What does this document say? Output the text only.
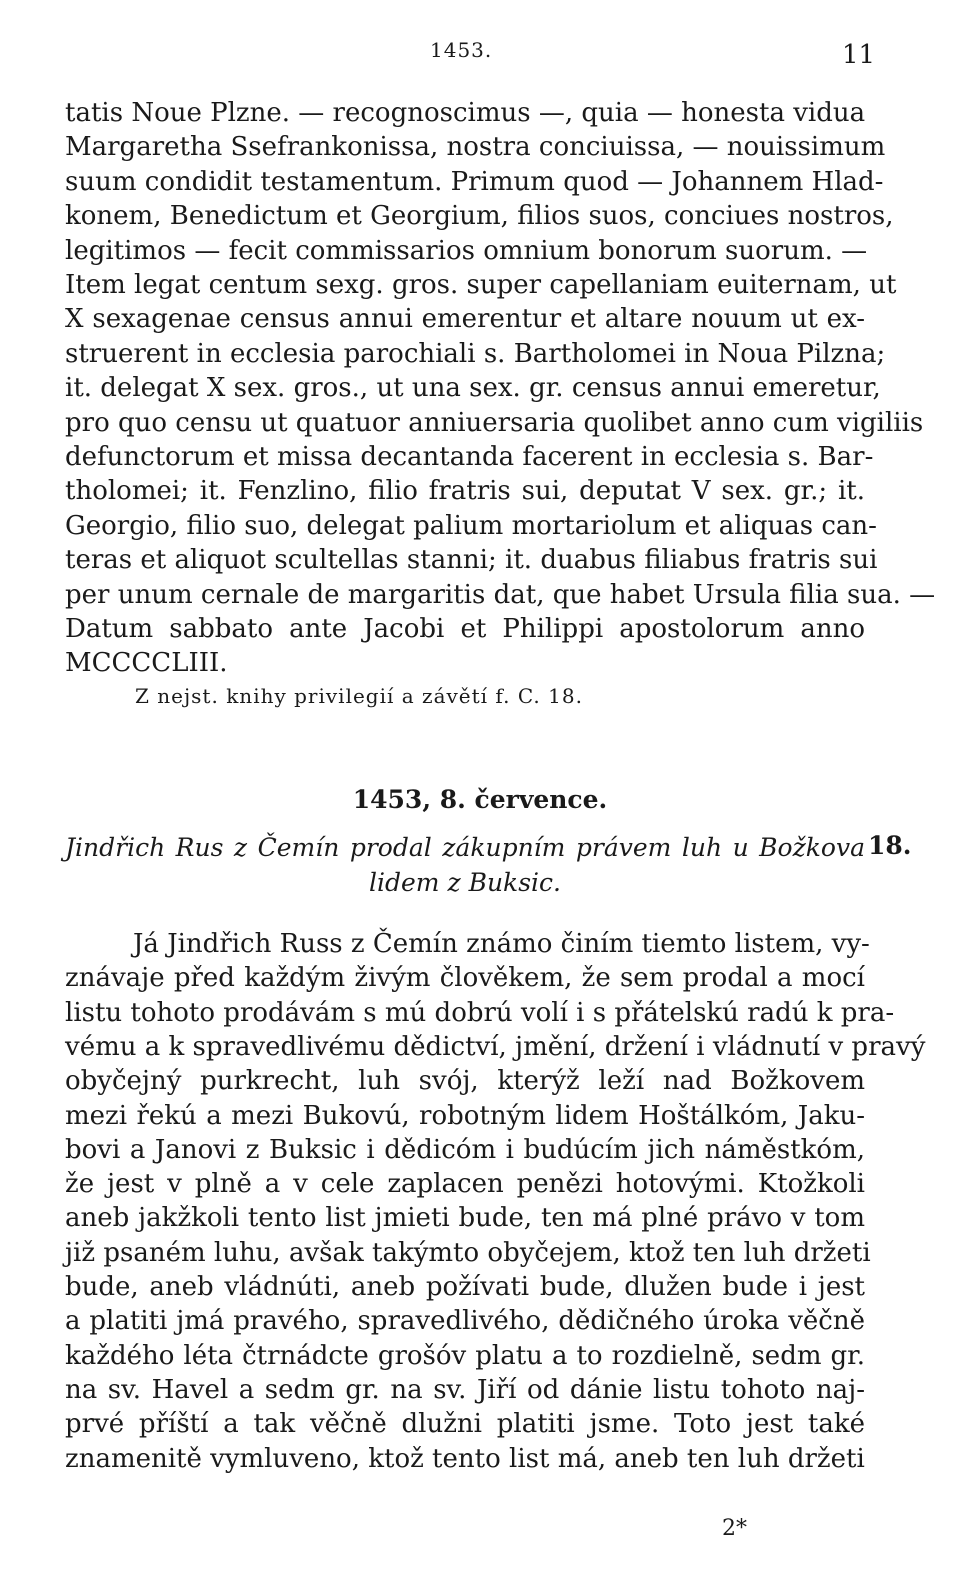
1453.	11
tatis Noue Plzne. — recognoscimus —, quia — honesta vidua
Margaretha Ssefrankonissa, nostra conciuissa, — nouissimum
suum condidit testamentum. Primum quod — Johannem Hlad-
konem, Benedictum et Georgium, filios suos, conciues nostros,
legitimos — fecit commissarios omnium bonorum suorum. —
Item legat centum sexg. gros. super capellaniam euiternam, ut
X sexagenae census annui emerentur et altare nouum ut ex-
struerent in ecclesia parochiali s. Bartholomei in Noua Pilzna;
it. delegat X sex. gros., ut una sex. gr. census annui emeretur,
pro quo censu ut quatuor anniuersaria quolibet anno cum vigiliis
defunctorum et missa decantanda facerent in ecclesia s. Bar-
tholomei; it. Fenzlino, filio fratris sui, deputat V sex. gr.; it.
Georgio, filio suo, delegat palium mortariolum et aliquas can-
teras et aliquot scultellas stanni; it. duabus filiabus fratris sui
per unum cernale de margaritis dat, que habet Ursula filia sua. —
Datum sabbato ante Jacobi et Philippi apostolorum anno
MCCCCLIII.
Z nejst. knihy privilegií a závětí f. C. 18.
1453, 8. července.
Jindřich Rus z Čemín prodal zákupním právem luh u Božkova
lidem z Buksic.
18.
Já Jindřich Russ z Čemín známo činím tiemto listem, vy-
znávaje před každým živým člověkem, že sem prodal a mocí
listu tohoto prodávám s mú dobrú volí i s přátelskú radú k pra-
vému a k spravedlivému dědictví, jmění, držení i vládnutí v pravý
obyčejný purkrecht, luh svój, kterýž leží nad Božkovem
mezi řekú a mezi Bukovú, robotným lidem Hoštálkóm, Jaku-
bovi a Janovi z Buksic i dědicóm i budúcím jich náměstkóm,
že jest v plně a v cele zaplacen penězi hotovými. Ktožkoli
aneb jakžkoli tento list jmieti bude, ten má plné právo v tom
již psaném luhu, avšak takýmto obyčejem, ktož ten luh držeti
bude, aneb vládnúti, aneb požívati bude, dlužen bude i jest
a platiti jmá pravého, spravedlivého, dědičného úroka věčně
každého léta čtrnádcte grošóv platu a to rozdielně, sedm gr.
na sv. Havel a sedm gr. na sv. Jiří od dánie listu tohoto naj-
prvé příští a tak věčně dlužni platiti jsme. Toto jest také
znamenitě vymluveno, ktož tento list má, aneb ten luh držeti
2*
